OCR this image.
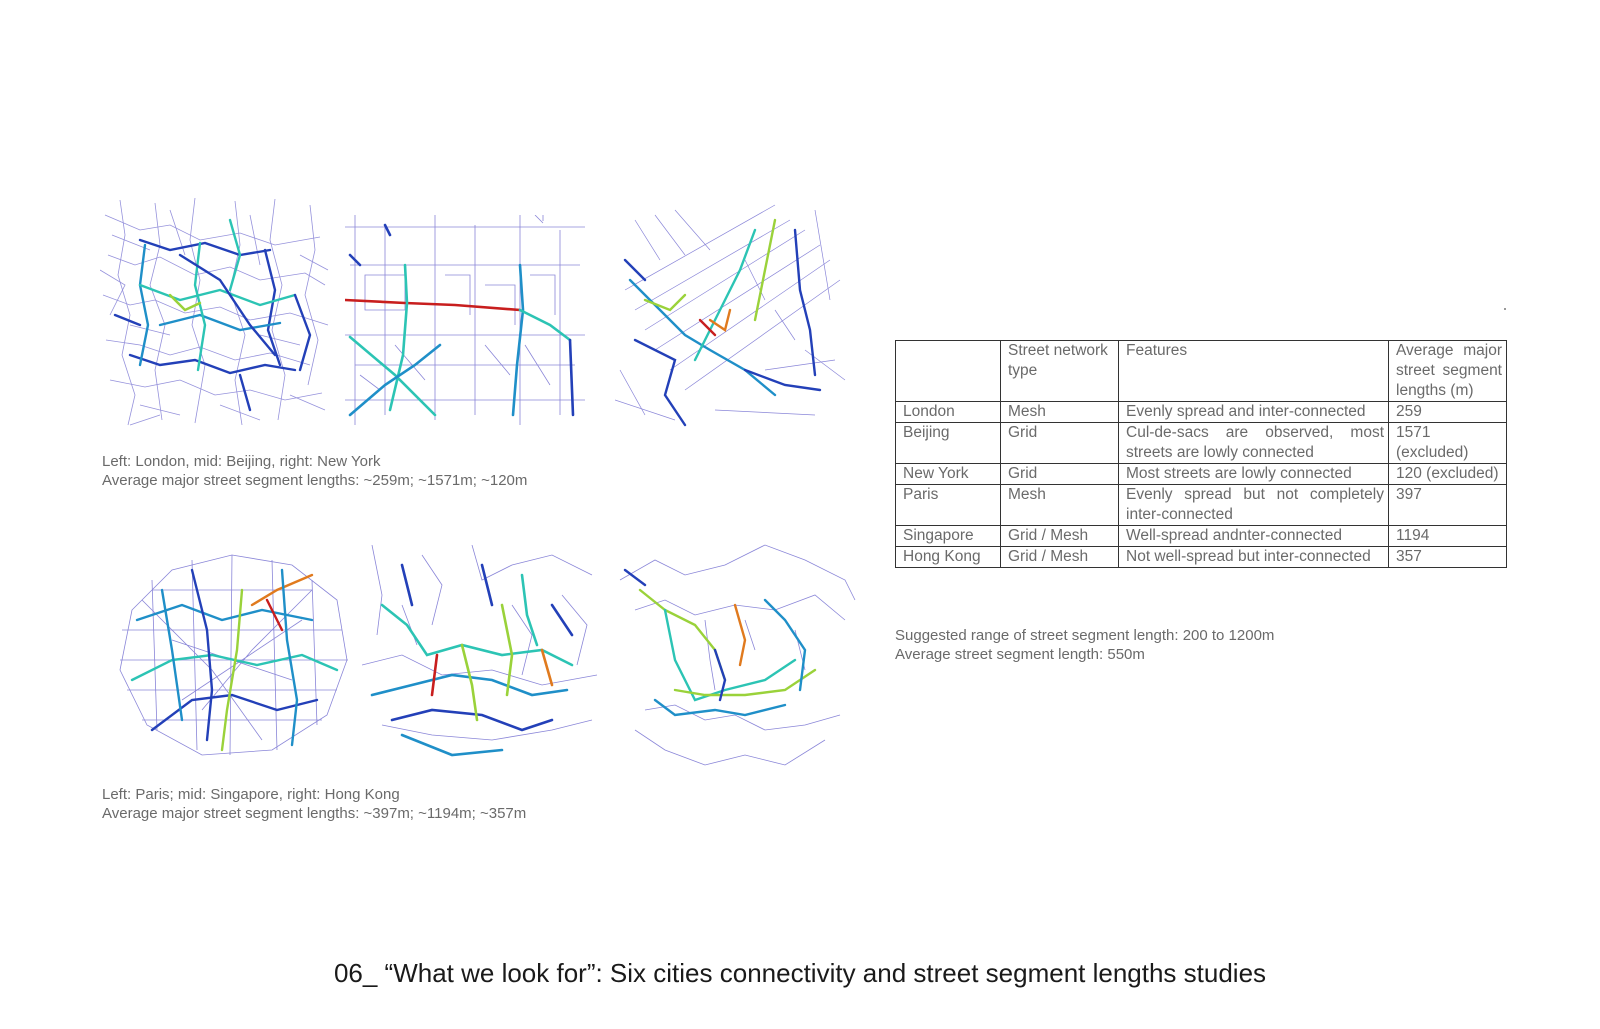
Left: London, mid: Beijing, right: New York
Average major street segment lengths: ~259m; ~1571m; ~120m
Left: Paris; mid: Singapore, right: Hong Kong
Average major street segment lengths: ~397m; ~1194m; ~357m
	Street network type	Features	Average major street segment lengths (m)
London	Mesh	Evenly spread and inter-connected	259
Beijing	Grid	Cul-de-sacs are observed, most streets are lowly connected	1571 (excluded)
New York	Grid	Most streets are lowly connected	120 (excluded)
Paris	Mesh	Evenly spread but not completely inter-connected	397
Singapore	Grid / Mesh	Well-spread andnter-connected	1194
Hong Kong	Grid / Mesh	Not well-spread but inter-connected	357
Suggested range of street segment length: 200 to 1200m
Average street segment length: 550m
06_ “What we look for”: Six cities connectivity and street segment lengths studies
